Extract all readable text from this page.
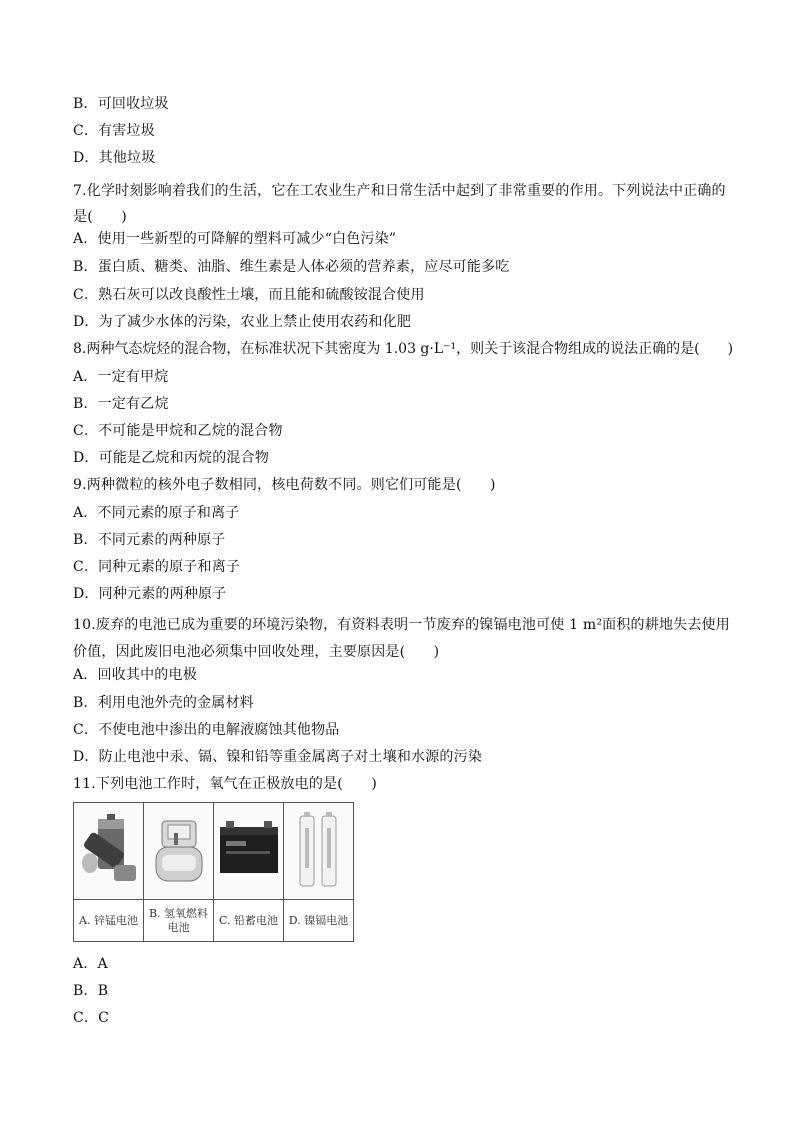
B．可回收垃圾
C．有害垃圾
D．其他垃圾
7.化学时刻影响着我们的生活，它在工农业生产和日常生活中起到了非常重要的作用。下列说法中正确的是(　　)
A．使用一些新型的可降解的塑料可减少“白色污染”
B．蛋白质、糖类、油脂、维生素是人体必须的营养素，应尽可能多吃
C．熟石灰可以改良酸性土壤，而且能和硫酸铵混合使用
D．为了减少水体的污染，农业上禁止使用农药和化肥
8.两种气态烷烃的混合物，在标准状况下其密度为 1.03 g·L⁻¹，则关于该混合物组成的说法正确的是(　　)
A．一定有甲烷
B．一定有乙烷
C．不可能是甲烷和乙烷的混合物
D．可能是乙烷和丙烷的混合物
9.两种微粒的核外电子数相同，核电荷数不同。则它们可能是(　　)
A．不同元素的原子和离子
B．不同元素的两种原子
C．同种元素的原子和离子
D．同种元素的两种原子
10.废弃的电池已成为重要的环境污染物，有资料表明一节废弃的镍镉电池可使 1 m²面积的耕地失去使用价值，因此废旧电池必须集中回收处理，主要原因是(　　)
A．回收其中的电极
B．利用电池外壳的金属材料
C．不使电池中渗出的电解液腐蚀其他物品
D．防止电池中汞、镉、镍和铅等重金属离子对土壤和水源的污染
11.下列电池工作时，氧气在正极放电的是(　　)
A. 锌锰电池
B. 氢氧燃料电池
C. 铅蓄电池 D. 镍镉电池
A．A
B．B
C．C
